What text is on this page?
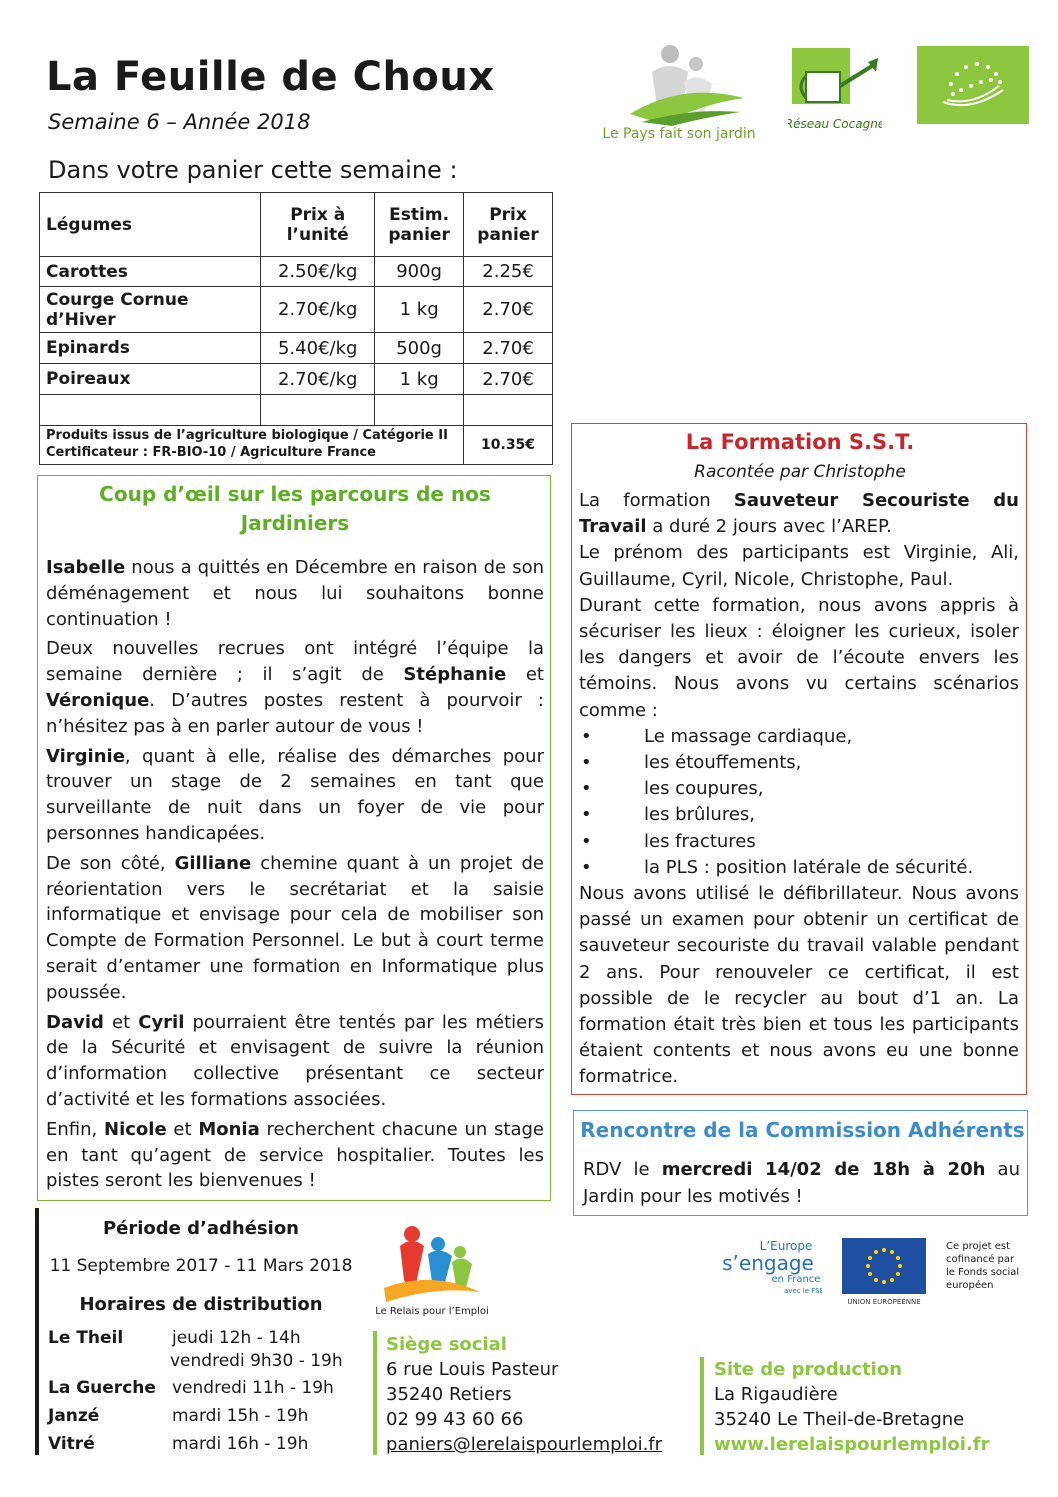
La Feuille de Choux
Semaine 6 – Année 2018
Dans votre panier cette semaine :
Le Pays fait son jardin
Réseau Cocagne
Légumes	Prix à l’unité	Estim. panier	Prix panier
Carottes	2.50€/kg	900g	2.25€
Courge Cornue d’Hiver	2.70€/kg	1 kg	2.70€
Epinards	5.40€/kg	500g	2.70€
Poireaux	2.70€/kg	1 kg	2.70€

Produits issus de l’agriculture biologique / Catégorie II
Certificateur : FR-BIO-10 / Agriculture France			10.35€
Coup d’œil sur les parcours de nos Jardiniers

Isabelle nous a quittés en Décembre en raison de son déménagement et nous lui souhaitons bonne continuation !

Deux nouvelles recrues ont intégré l’équipe la semaine dernière ; il s’agit de Stéphanie et Véronique. D’autres postes restent à pourvoir : n’hésitez pas à en parler autour de vous !

Virginie, quant à elle, réalise des démarches pour trouver un stage de 2 semaines en tant que surveillante de nuit dans un foyer de vie pour personnes handicapées.

De son côté, Gilliane chemine quant à un projet de réorientation vers le secrétariat et la saisie informatique et envisage pour cela de mobiliser son Compte de Formation Personnel. Le but à court terme serait d’entamer une formation en Informatique plus poussée.

David et Cyril pourraient être tentés par les métiers de la Sécurité et envisagent de suivre la réunion d’information collective présentant ce secteur d’activité et les formations associées.

Enfin, Nicole et Monia recherchent chacune un stage en tant qu’agent de service hospitalier. Toutes les pistes seront les bienvenues !

La Formation S.S.T.
Racontée par Christophe

La formation Sauveteur Secouriste du Travail a duré 2 jours avec l’AREP.

Le prénom des participants est Virginie, Ali, Guillaume, Cyril, Nicole, Christophe, Paul.

Durant cette formation, nous avons appris à sécuriser les lieux : éloigner les curieux, isoler les dangers et avoir de l’écoute envers les témoins. Nous avons vu certains scénarios comme :

• Le massage cardiaque,
• les étouffements,
• les coupures,
• les brûlures,
• les fractures
• la PLS : position latérale de sécurité.

Nous avons utilisé le défibrillateur. Nous avons passé un examen pour obtenir un certificat de sauveteur secouriste du travail valable pendant 2 ans. Pour renouveler ce certificat, il est possible de le recycler au bout d’1 an. La formation était très bien et tous les participants étaient contents et nous avons eu une bonne formatrice.

Rencontre de la Commission Adhérents
RDV le mercredi 14/02 de 18h à 20h au Jardin pour les motivés !
Période d’adhésion
11 Septembre 2017 - 11 Mars 2018
Horaires de distribution
Le Theil	jeudi 12h - 14h
vendredi 9h30 - 19h
La Guerche vendredi 11h - 19h
Janzé	mardi 15h - 19h
Vitré	mardi 16h - 19h
Le Relais pour l’Emploi
Siège social
6 rue Louis Pasteur
35240 Retiers
02 99 43 60 66
paniers@lerelaispourlemploi.fr
Site de production
La Rigaudière
35240 Le Theil-de-Bretagne
www.lerelaispourlemploi.fr
L’Europe
s’engage
en France
avec le FSE
UNION EUROPÉENNE
Ce projet est cofinancé par le Fonds social européen
